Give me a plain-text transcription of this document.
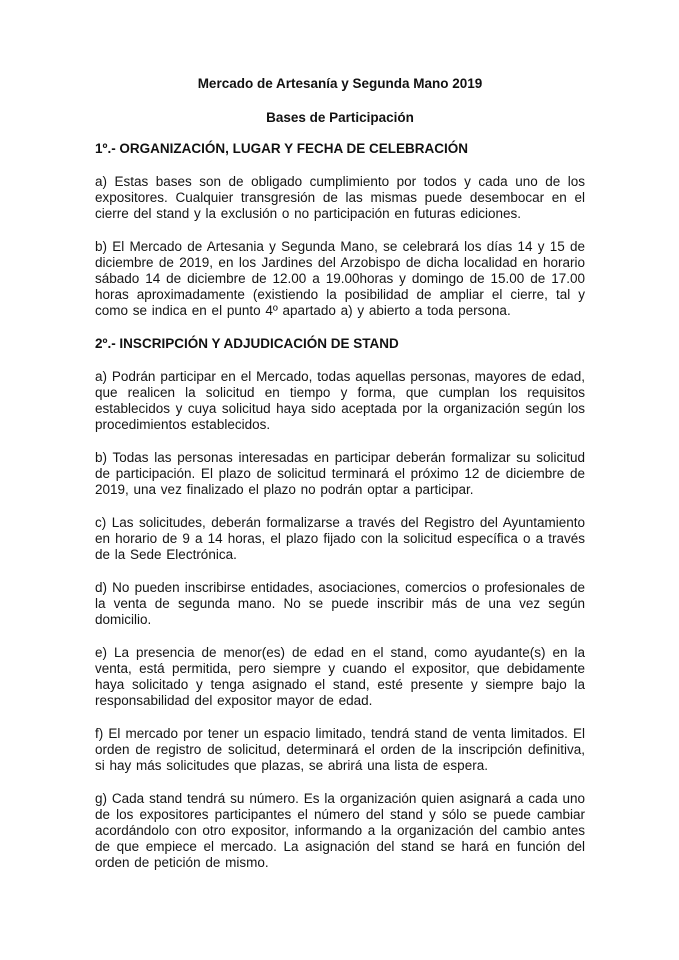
Mercado de Artesanía y Segunda Mano 2019
Bases de Participación
1º.- ORGANIZACIÓN, LUGAR Y FECHA DE CELEBRACIÓN

a) Estas bases son de obligado cumplimiento por todos y cada uno de los expositores. Cualquier transgresión de las mismas puede desembocar en el cierre del stand y la exclusión o no participación en futuras ediciones.

b) El Mercado de Artesania y Segunda Mano, se celebrará los días 14 y 15 de diciembre de 2019, en los Jardines del Arzobispo de dicha localidad en horario sábado 14 de diciembre de 12.00 a 19.00horas y domingo de 15.00 de 17.00 horas aproximadamente (existiendo la posibilidad de ampliar el cierre, tal y como se indica en el punto 4º apartado a) y abierto a toda persona.

2º.- INSCRIPCIÓN Y ADJUDICACIÓN DE STAND

a) Podrán participar en el Mercado, todas aquellas personas, mayores de edad, que realicen la solicitud en tiempo y forma, que cumplan los requisitos establecidos y cuya solicitud haya sido aceptada por la organización según los procedimientos establecidos.

b) Todas las personas interesadas en participar deberán formalizar su solicitud de participación. El plazo de solicitud terminará el próximo 12 de diciembre de 2019, una vez finalizado el plazo no podrán optar a participar.

c) Las solicitudes, deberán formalizarse a través del Registro del Ayuntamiento en horario de 9 a 14 horas, el plazo fijado con la solicitud específica o a través de la Sede Electrónica.

d) No pueden inscribirse entidades, asociaciones, comercios o profesionales de la venta de segunda mano. No se puede inscribir más de una vez según domicilio.

e) La presencia de menor(es) de edad en el stand, como ayudante(s) en la venta, está permitida, pero siempre y cuando el expositor, que debidamente haya solicitado y tenga asignado el stand, esté presente y siempre bajo la responsabilidad del expositor mayor de edad.

f) El mercado por tener un espacio limitado, tendrá stand de venta limitados. El orden de registro de solicitud, determinará el orden de la inscripción definitiva, si hay más solicitudes que plazas, se abrirá una lista de espera.

g) Cada stand tendrá su número. Es la organización quien asignará a cada uno de los expositores participantes el número del stand y sólo se puede cambiar acordándolo con otro expositor, informando a la organización del cambio antes de que empiece el mercado. La asignación del stand se hará en función del orden de petición de mismo.
